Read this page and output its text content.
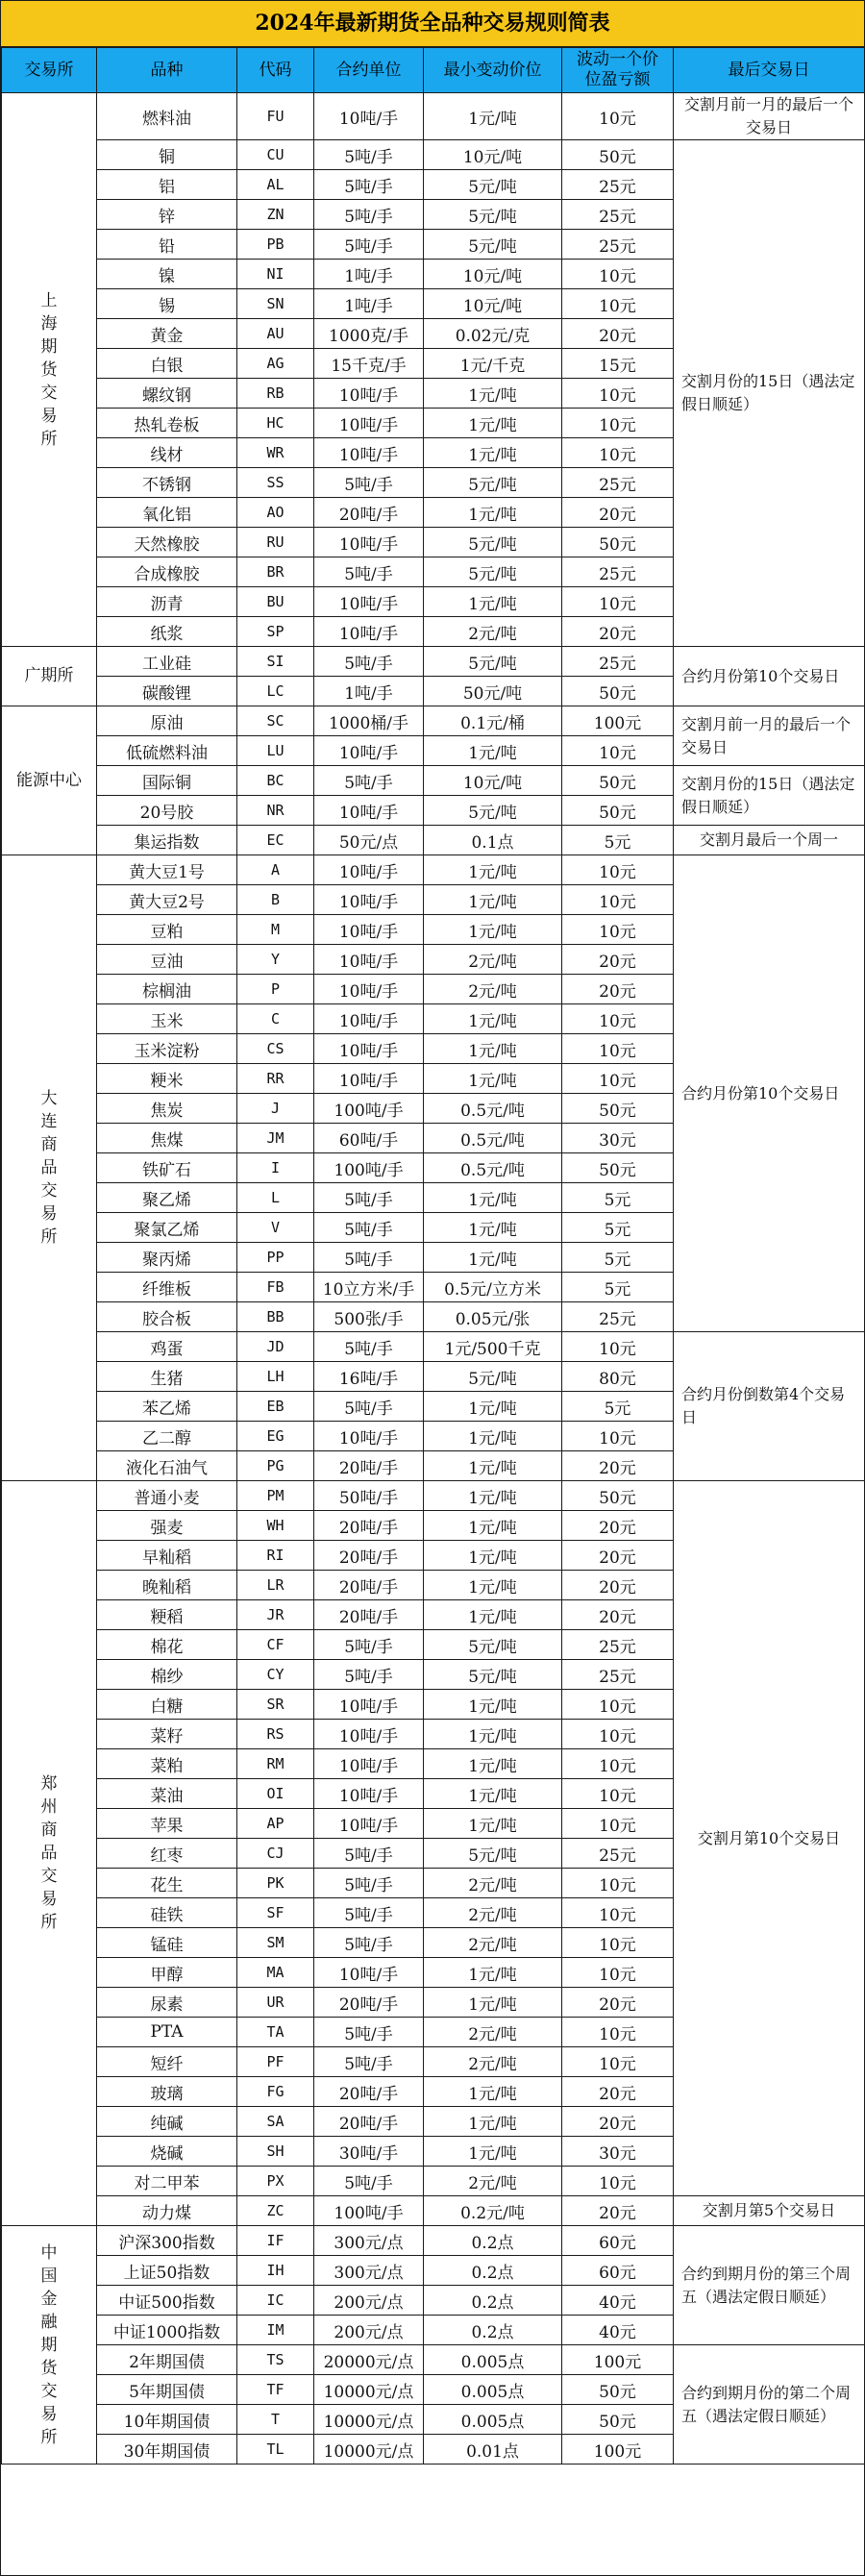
2024年最新期货全品种交易规则简表
交易所	品种	代码	合约单位	最小变动价位	波动一个价位盈亏额	最后交易日
上海期货交易所	燃料油	FU	10吨/手	1元/吨	10元	交割月前一月的最后一个交易日
	铜	CU	5吨/手	10元/吨	50元	交割月份的15日（遇法定假日顺延）
	铝	AL	5吨/手	5元/吨	25元	
	锌	ZN	5吨/手	5元/吨	25元	
	铅	PB	5吨/手	5元/吨	25元	
	镍	NI	1吨/手	10元/吨	10元	
	锡	SN	1吨/手	10元/吨	10元	
	黄金	AU	1000克/手	0.02元/克	20元	
	白银	AG	15千克/手	1元/千克	15元	
	螺纹钢	RB	10吨/手	1元/吨	10元	
	热轧卷板	HC	10吨/手	1元/吨	10元	
	线材	WR	10吨/手	1元/吨	10元	
	不锈钢	SS	5吨/手	5元/吨	25元	
	氧化铝	AO	20吨/手	1元/吨	20元	
	天然橡胶	RU	10吨/手	5元/吨	50元	
	合成橡胶	BR	5吨/手	5元/吨	25元	
	沥青	BU	10吨/手	1元/吨	10元	
	纸浆	SP	10吨/手	2元/吨	20元	
广期所	工业硅	SI	5吨/手	5元/吨	25元	合约月份第10个交易日
	碳酸锂	LC	1吨/手	50元/吨	50元	
能源中心	原油	SC	1000桶/手	0.1元/桶	100元	交割月前一月的最后一个交易日
	低硫燃料油	LU	10吨/手	1元/吨	10元	
	国际铜	BC	5吨/手	10元/吨	50元	交割月份的15日（遇法定假日顺延）
	20号胶	NR	10吨/手	5元/吨	50元	
	集运指数	EC	50元/点	0.1点	5元	交割月最后一个周一
大连商品交易所	黄大豆1号	A	10吨/手	1元/吨	10元	合约月份第10个交易日
	黄大豆2号	B	10吨/手	1元/吨	10元	
	豆粕	M	10吨/手	1元/吨	10元	
	豆油	Y	10吨/手	2元/吨	20元	
	棕榈油	P	10吨/手	2元/吨	20元	
	玉米	C	10吨/手	1元/吨	10元	
	玉米淀粉	CS	10吨/手	1元/吨	10元	
	粳米	RR	10吨/手	1元/吨	10元	
	焦炭	J	100吨/手	0.5元/吨	50元	
	焦煤	JM	60吨/手	0.5元/吨	30元	
	铁矿石	I	100吨/手	0.5元/吨	50元	
	聚乙烯	L	5吨/手	1元/吨	5元	
	聚氯乙烯	V	5吨/手	1元/吨	5元	
	聚丙烯	PP	5吨/手	1元/吨	5元	
	纤维板	FB	10立方米/手	0.5元/立方米	5元	
	胶合板	BB	500张/手	0.05元/张	25元	
	鸡蛋	JD	5吨/手	1元/500千克	10元	合约月份倒数第4个交易日
	生猪	LH	16吨/手	5元/吨	80元	
	苯乙烯	EB	5吨/手	1元/吨	5元	
	乙二醇	EG	10吨/手	1元/吨	10元	
	液化石油气	PG	20吨/手	1元/吨	20元	
郑州商品交易所	普通小麦	PM	50吨/手	1元/吨	50元	交割月第10个交易日
	强麦	WH	20吨/手	1元/吨	20元	
	早籼稻	RI	20吨/手	1元/吨	20元	
	晚籼稻	LR	20吨/手	1元/吨	20元	
	粳稻	JR	20吨/手	1元/吨	20元	
	棉花	CF	5吨/手	5元/吨	25元	
	棉纱	CY	5吨/手	5元/吨	25元	
	白糖	SR	10吨/手	1元/吨	10元	
	菜籽	RS	10吨/手	1元/吨	10元	
	菜粕	RM	10吨/手	1元/吨	10元	
	菜油	OI	10吨/手	1元/吨	10元	
	苹果	AP	10吨/手	1元/吨	10元	
	红枣	CJ	5吨/手	5元/吨	25元	
	花生	PK	5吨/手	2元/吨	10元	
	硅铁	SF	5吨/手	2元/吨	10元	
	锰硅	SM	5吨/手	2元/吨	10元	
	甲醇	MA	10吨/手	1元/吨	10元	
	尿素	UR	20吨/手	1元/吨	20元	
	PTA	TA	5吨/手	2元/吨	10元	
	短纤	PF	5吨/手	2元/吨	10元	
	玻璃	FG	20吨/手	1元/吨	20元	
	纯碱	SA	20吨/手	1元/吨	20元	
	烧碱	SH	30吨/手	1元/吨	30元	
	对二甲苯	PX	5吨/手	2元/吨	10元	
	动力煤	ZC	100吨/手	0.2元/吨	20元	交割月第5个交易日
中国金融期货交易所	沪深300指数	IF	300元/点	0.2点	60元	合约到期月份的第三个周五（遇法定假日顺延）
	上证50指数	IH	300元/点	0.2点	60元	
	中证500指数	IC	200元/点	0.2点	40元	
	中证1000指数	IM	200元/点	0.2点	40元	
	2年期国债	TS	20000元/点	0.005点	100元	合约到期月份的第二个周五（遇法定假日顺延）
	5年期国债	TF	10000元/点	0.005点	50元	
	10年期国债	T	10000元/点	0.005点	50元	
	30年期国债	TL	10000元/点	0.01点	100元	
